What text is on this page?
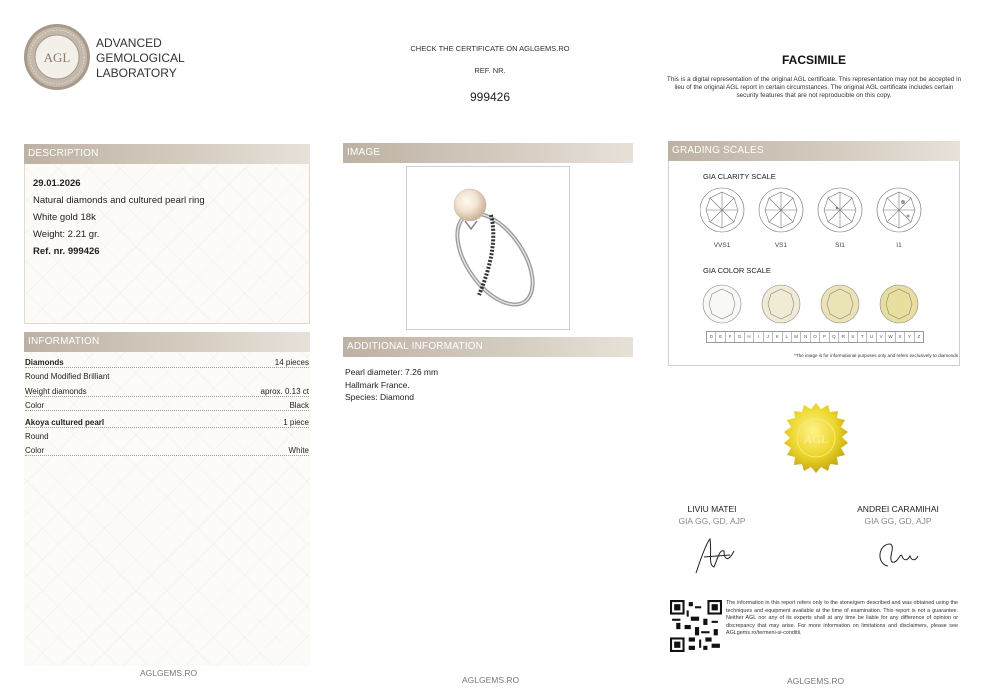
AGL
ADVANCED
GEMOLOGICAL
LABORATORY
CHECK THE CERTIFICATE ON AGLGEMS.RO
REF. NR.
999426
FACSIMILE
This is a digital representation of the original AGL certificate. This representation may not be accepted in lieu of the original AGL report in certain circumstances. The original AGL certificate includes certain security features that are not reproducible on this copy.
DESCRIPTION
29.01.2026
Natural diamonds and cultured pearl ring
White gold 18k
Weight: 2.21 gr.
Ref. nr. 999426
INFORMATION
Diamonds	14 pieces
Round Modified Brilliant
Weight diamonds	aprox. 0.13 ct
Color	Black
Akoya cultured pearl	1 piece
Round
Color	White
AGLGEMS.RO
IMAGE
ADDITIONAL INFORMATION
Pearl diameter: 7.26 mm
Hallmark France.
Species: Diamond
AGLGEMS.RO
GRADING SCALES
GIA CLARITY SCALE
VVS1	VS1	SI1	I1
GIA COLOR SCALE
D	E	F	G	H	I	J	K	L	M	N	O	P	Q	R	S	T	U	V	W	X	Y	Z
*The image is for informational purposes only and refers exclusively to diamonds
AGL
LIVIU MATEI
GIA GG, GD, AJP
ANDREI CARAMIHAI
GIA GG, GD, AJP
The information in this report refers only to the stone/gem described and was obtained using the techniques and equipment available at the time of examination. This report is not a guarantee. Neither AGL nor any of its experts shall at any time be liable for any difference of opinion or discrepancy that may arise. For more information on limitations and disclaimers, please see AGLgems.ro/termeni-si-conditii.
AGLGEMS.RO
